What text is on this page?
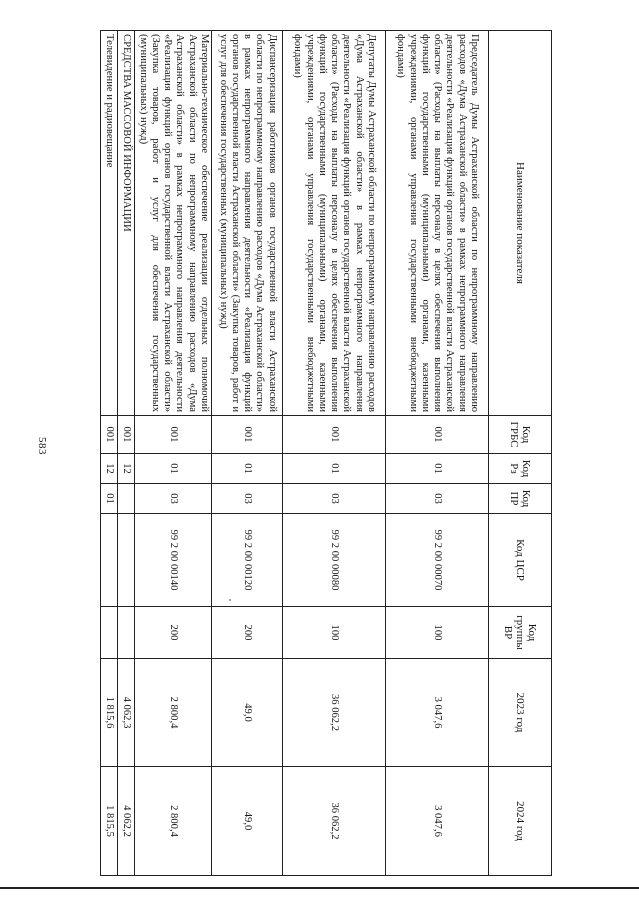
583
Наименование показателя	Код ГРБС	Код Рз	Код ПР	Код ЦСР	Код группы ВР	2023 год	2024 год
Председатель Думы Астраханской области по непрограммному направлению расходов «Дума Астраханской области» в рамках непрограммного направления деятельности «Реализация функций органов государственной власти Астраханской области» (Расходы на выплаты персоналу в целях обеспечения выполнения функций государственными (муниципальными) органами, казенными учреждениями, органами управления государственными внебюджетными фондами)	001	01	03	99 2 00 00070	100	3 047,6	3 047,6
Депутаты Думы Астраханской области по непрограммному направлению расходов «Дума Астраханской области» в рамках непрограммного направления деятельности «Реализация функций органов государственной власти Астраханской области» (Расходы на выплаты персоналу в целях обеспечения выполнения функций государственными (муниципальными) органами, казенными учреждениями, органами управления государственными внебюджетными фондами)	001	01	03	99 2 00 00080	100	36 062,2	36 062,2
Диспансеризация работников органов государственной власти Астраханской области по непрограммному направлению расходов «Дума Астраханской области» в рамках непрограммного направления деятельности «Реализация функций органов государственной власти Астраханской области» (Закупка товаров, работ и услуг для обеспечения государственных (муниципальных) нужд)	001	01	03	99 2 00 00120	200	49,0	49,0
Материально-техническое обеспечение реализации отдельных полномочий Астраханской области по непрограммному направлению расходов «Дума Астраханской области» в рамках непрограммного направления деятельности «Реализация функций органов государственной власти Астраханской области» (Закупка товаров, работ и услуг для обеспечения государственных (муниципальных) нужд)	001	01	03	99 2 00 00140	200	2 800,4	2 800,4
СРЕДСТВА МАССОВОЙ ИНФОРМАЦИИ	001	12				4 062,3	4 062,2
Телевидение и радиовещание	001	12	01			1 815,6	1 815,5
